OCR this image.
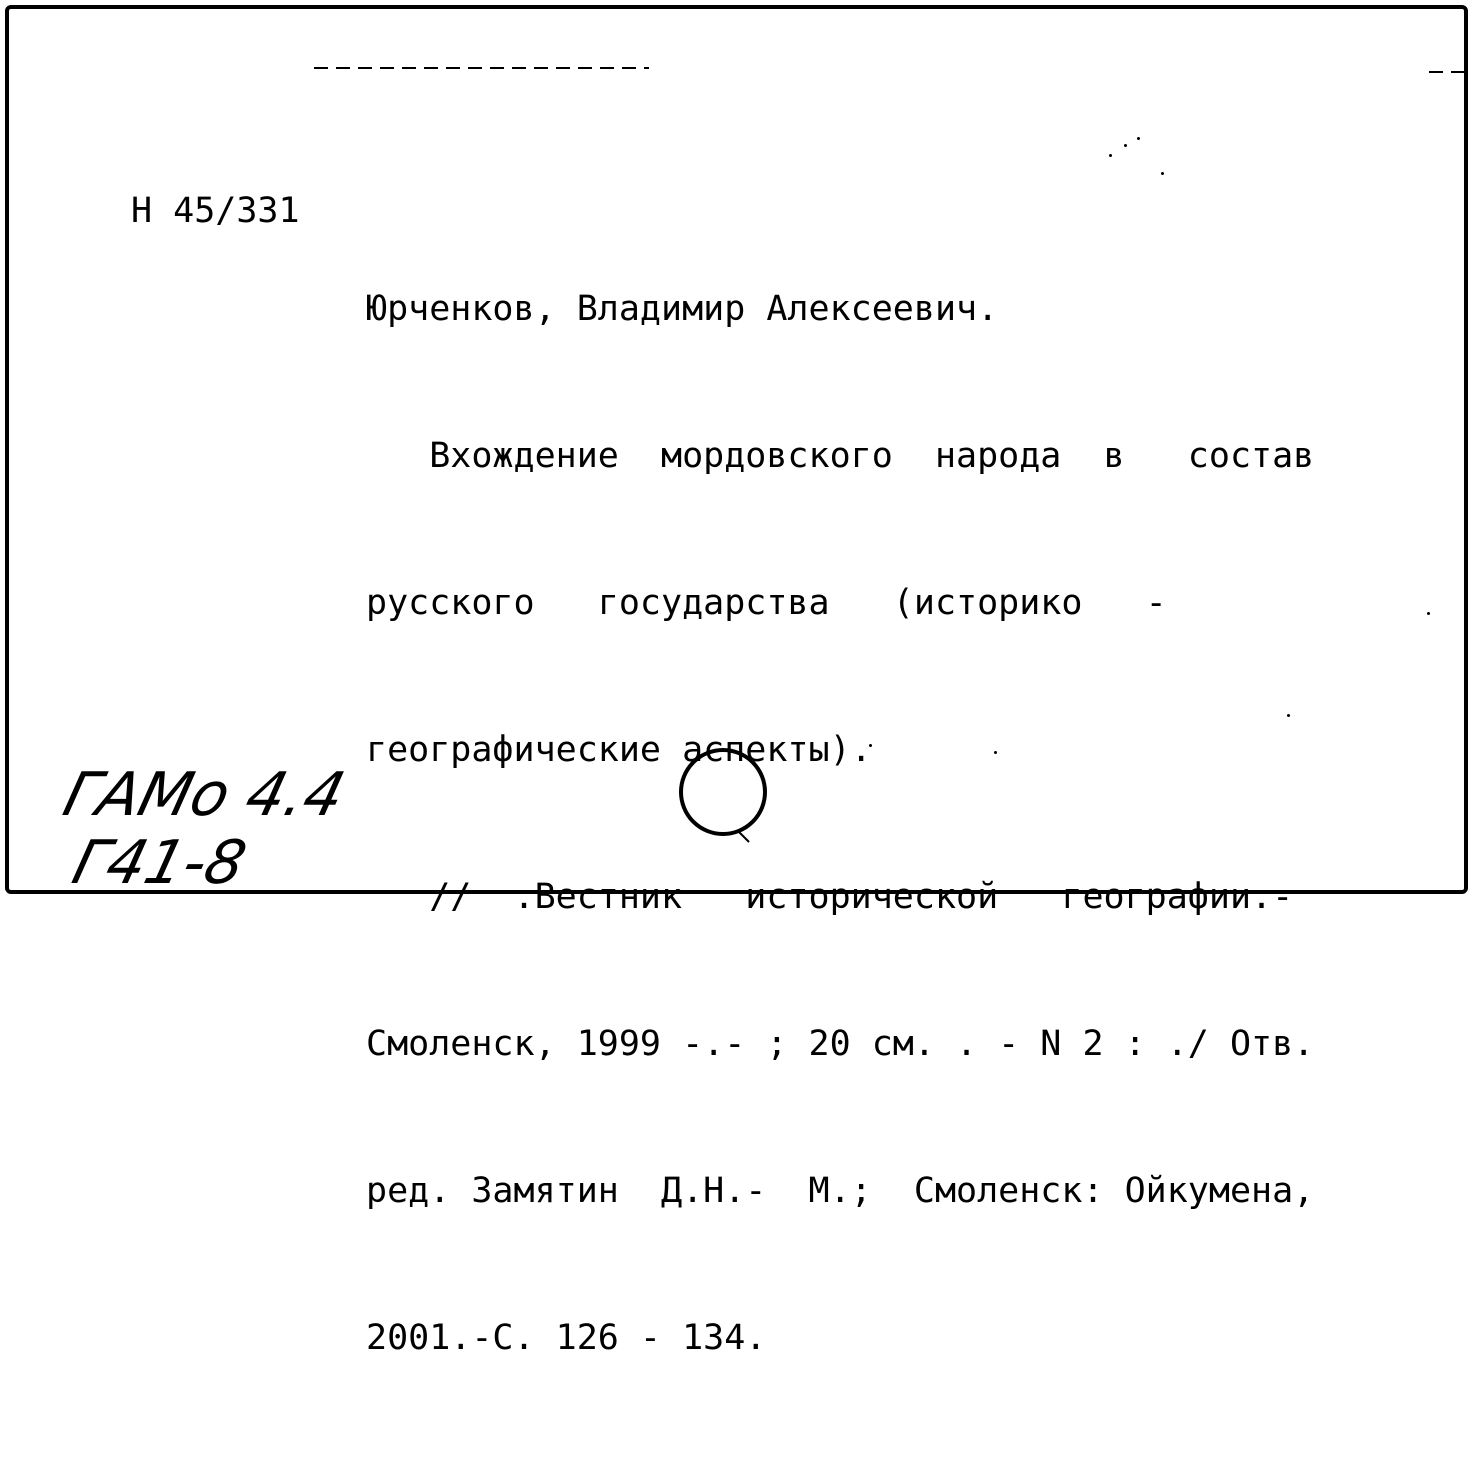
Н 45/331

Юрченков, Владимир Алексеевич.

Вхождение  мордовского  народа  в   состав

русского   государства   (историко   -

географические аспекты).

//  .Вестник   исторической   географии.-

Смоленск, 1999 -.- ; 20 см. . - N 2 : ./ Отв.

ред. Замятин  Д.Н.-  М.;  Смоленск: Ойкумена,

2001.-С. 126 - 134.

ГАМо 4.4
Г41-8
